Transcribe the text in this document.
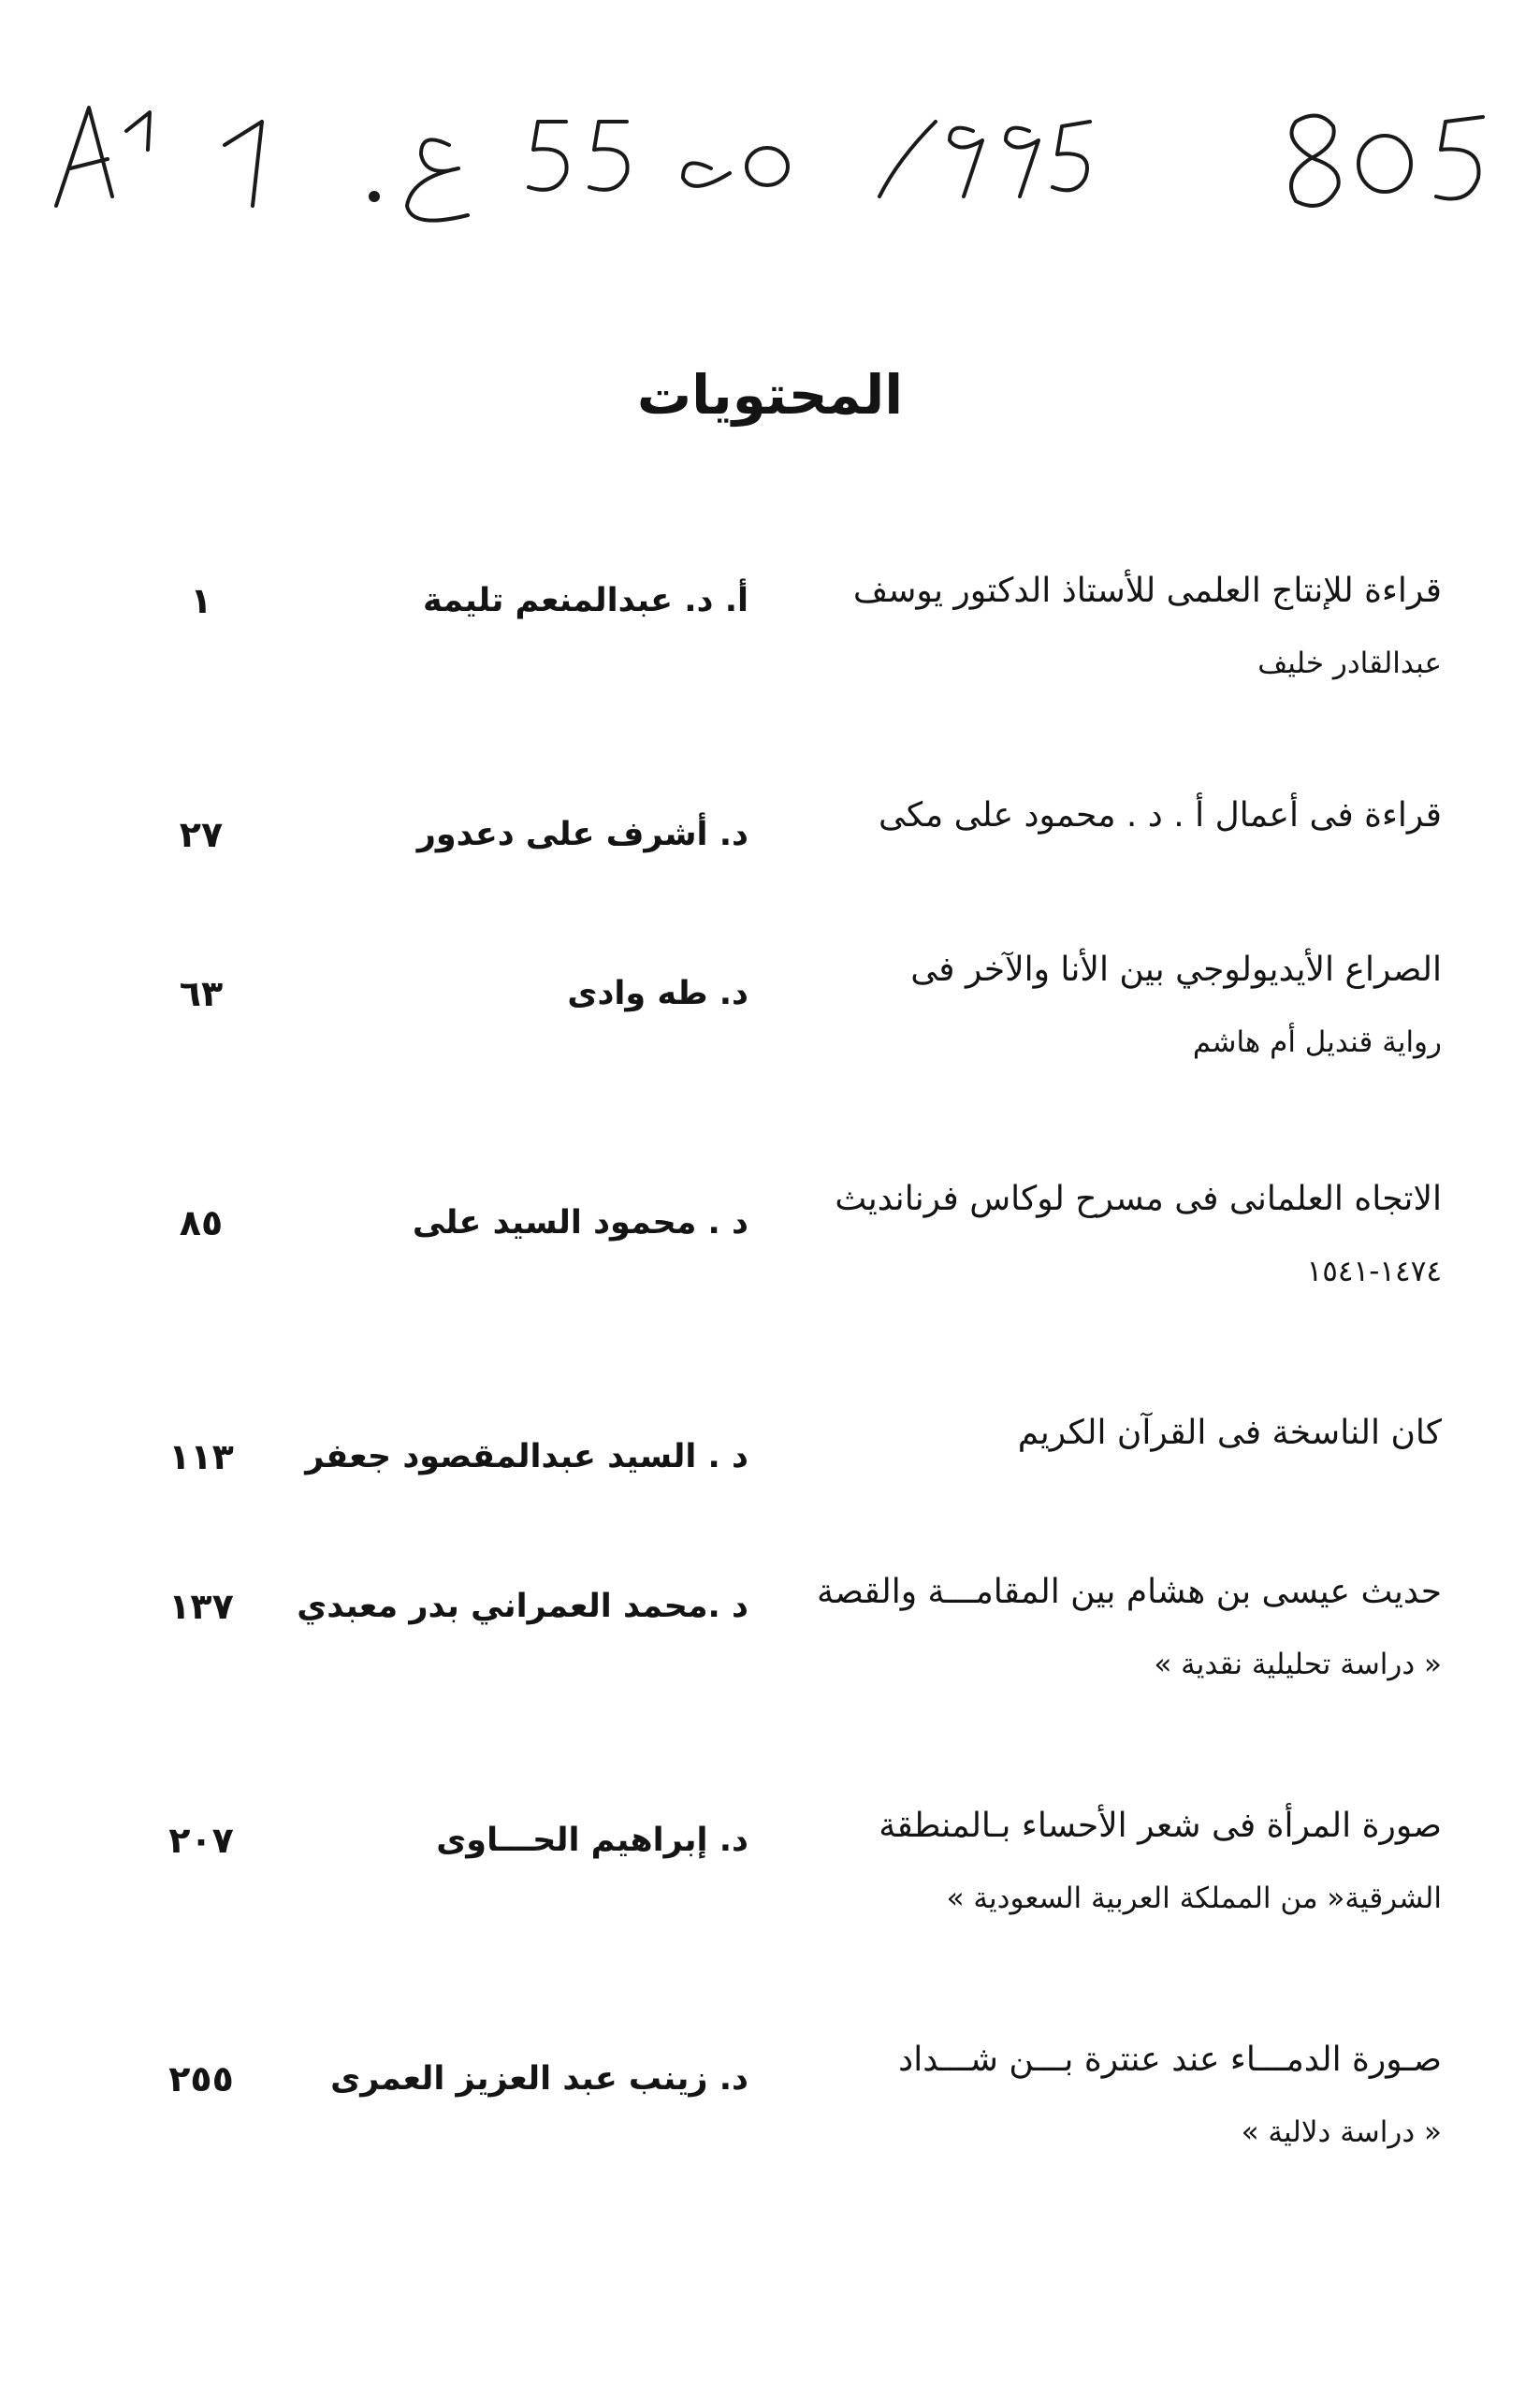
المحتويات
قراءة للإنتاج العلمى للأستاذ الدكتور يوسف
عبدالقادر خليف
أ. د. عبدالمنعم تليمة
١
قراءة فى أعمال أ . د . محمود على مكى
د. أشرف على دعدور
٢٧
الصراع الأيديولوجي بين الأنا والآخر فى
رواية قنديل أم هاشم
د. طه وادى
٦٣
الاتجاه العلمانى فى مسرح لوكاس فرنانديث
١٤٧٤-١٥٤١
د . محمود السيد على
٨٥
كان الناسخة فى القرآن الكريم
د . السيد عبدالمقصود جعفر
١١٣
حديث عيسى بن هشام بين المقامـــة والقصة
« دراسة تحليلية نقدية »
د .محمد العمراني بدر معبدي
١٣٧
صورة المرأة فى شعر الأحساء بـالمنطقة
الشرقية« من المملكة العربية السعودية »
د. إبراهيم الحـــاوى
٢٠٧
صـورة الدمـــاء عند عنترة بـــن شـــداد
« دراسة دلالية »
د. زينب عبد العزيز العمرى
٢٥٥
